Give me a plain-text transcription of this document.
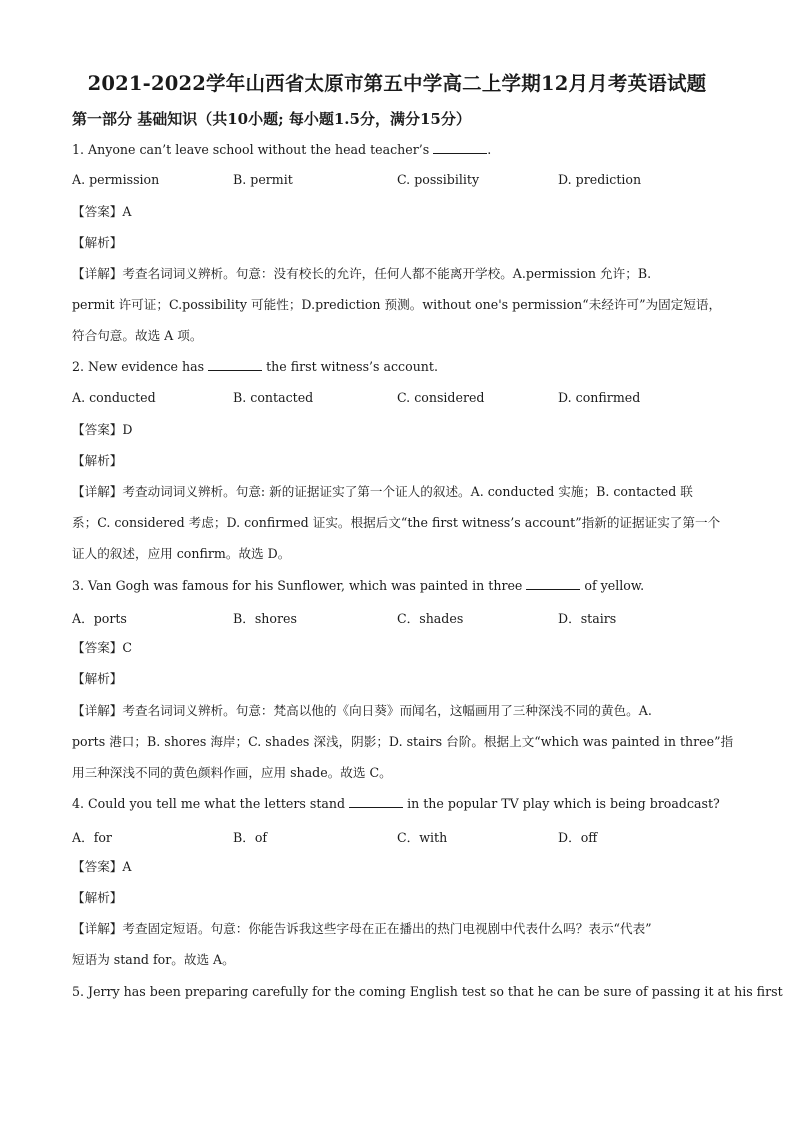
2021-2022学年山西省太原市第五中学高二上学期12月月考英语试题
第一部分 基础知识（共10小题; 每小题1.5分，满分15分）
1. Anyone can’t leave school without the head teacher’s	.
A. permission	B. permit	C. possibility	D. prediction
【答案】A
【解析】
【详解】考查名词词义辨析。句意：没有校长的允许，任何人都不能离开学校。A.permission 允许；B.
permit 许可证；C.possibility 可能性；D.prediction 预测。without one's permission“未经许可”为固定短语，
符合句意。故选 A 项。
2. New evidence has	the first witness’s account.
A. conducted	B. contacted	C. considered	D. confirmed
【答案】D
【解析】
【详解】考查动词词义辨析。句意: 新的证据证实了第一个证人的叙述。A. conducted 实施；B. contacted 联
系；C. considered 考虑；D. confirmed 证实。根据后文“the first witness’s account”指新的证据证实了第一个
证人的叙述，应用 confirm。故选 D。
3. Van Gogh was famous for his Sunflower, which was painted in three	of yellow.
A．ports	B．shores	C．shades	D．stairs
【答案】C
【解析】
【详解】考查名词词义辨析。句意：梵高以他的《向日葵》而闻名，这幅画用了三种深浅不同的黄色。A.
ports 港口；B. shores 海岸；C. shades 深浅，阴影；D. stairs 台阶。根据上文“which was painted in three”指
用三种深浅不同的黄色颜料作画，应用 shade。故选 C。
4. Could you tell me what the letters stand	in the popular TV play which is being broadcast?
A．for	B．of	C．with	D．off
【答案】A
【解析】
【详解】考查固定短语。句意：你能告诉我这些字母在正在播出的热门电视剧中代表什么吗？表示“代表”
短语为 stand for。故选 A。
5. Jerry has been preparing carefully for the coming English test so that he can be sure of passing it at his first
